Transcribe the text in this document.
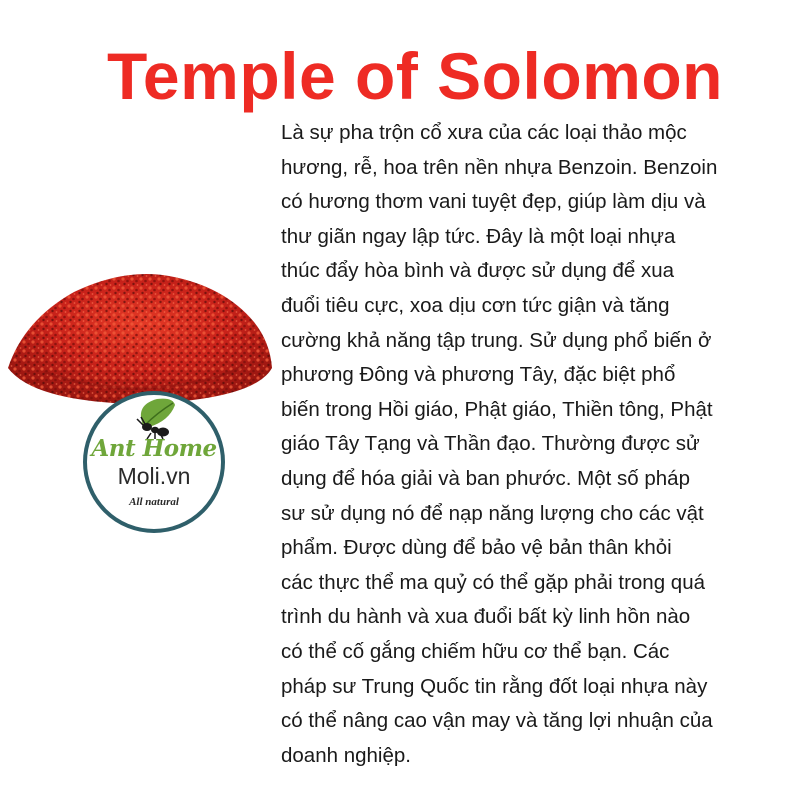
Temple of Solomon

Ant Home

Moli.vn

All natural

Là sự pha trộn cổ xưa của các loại thảo mộc
hương, rễ, hoa trên nền nhựa Benzoin. Benzoin
có hương thơm vani tuyệt đẹp, giúp làm dịu và
thư giãn ngay lập tức. Đây là một loại nhựa
thúc đẩy hòa bình và được sử dụng để xua
đuổi tiêu cực, xoa dịu cơn tức giận và tăng
cường khả năng tập trung. Sử dụng phổ biến ở
phương Đông và phương Tây, đặc biệt phổ
biến trong Hồi giáo, Phật giáo, Thiền tông, Phật
giáo Tây Tạng và Thần đạo. Thường được sử
dụng để hóa giải và ban phước. Một số pháp
sư sử dụng nó để nạp năng lượng cho các vật
phẩm. Được dùng để bảo vệ bản thân khỏi
các thực thể ma quỷ có thể gặp phải trong quá
trình du hành và xua đuổi bất kỳ linh hồn nào
có thể cố gắng chiếm hữu cơ thể bạn. Các
pháp sư Trung Quốc tin rằng đốt loại nhựa này
có thể nâng cao vận may và tăng lợi nhuận của
doanh nghiệp.
